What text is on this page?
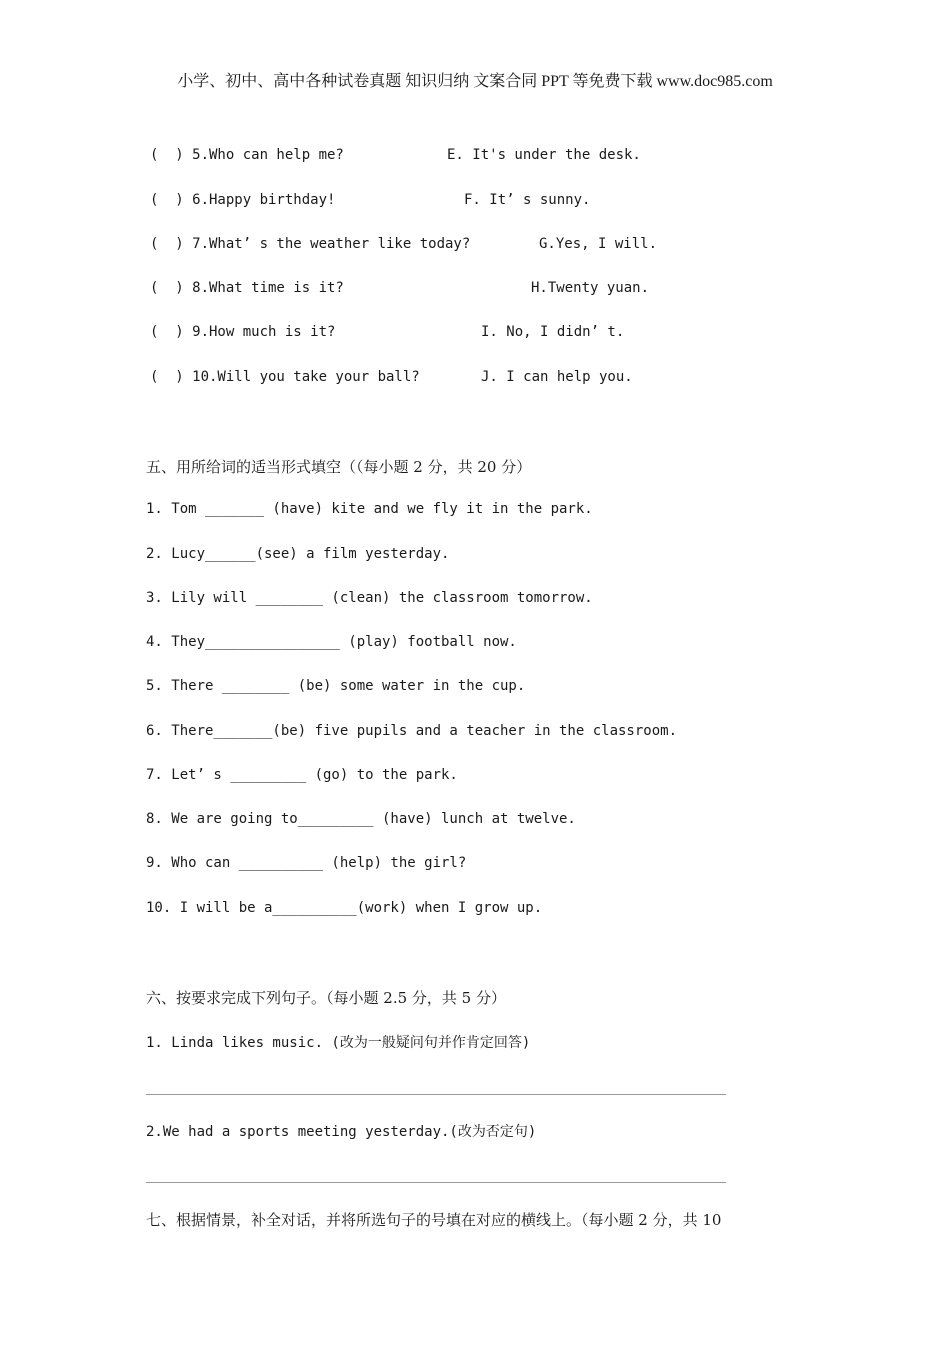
小学、初中、高中各种试卷真题 知识归纳 文案合同 PPT 等免费下载 www.doc985.com
(  ) 5.Who can help me?	E. It's under the desk.
(  ) 6.Happy birthday!	F. It’ s sunny.
(  ) 7.What’ s the weather like today?	G.Yes, I will.
(  ) 8.What time is it?	H.Twenty yuan.
(  ) 9.How much is it?	I. No, I didn’ t.
(  ) 10.Will you take your ball?	J. I can help you.
五、用所给词的适当形式填空（（每小题 2 分，共 20 分）
1. Tom _______ (have) kite and we fly it in the park.
2. Lucy______(see) a film yesterday.
3. Lily will ________ (clean) the classroom tomorrow.
4. They________________ (play) football now.
5. There ________ (be) some water in the cup.
6. There_______(be) five pupils and a teacher in the classroom.
7. Let’ s _________ (go) to the park.
8. We are going to_________ (have) lunch at twelve.
9. Who can __________ (help) the girl?
10. I will be a__________(work) when I grow up.
六、按要求完成下列句子。（每小题 2.5 分，共 5 分）
1. Linda likes music. (改为一般疑问句并作肯定回答)
2.We had a sports meeting yesterday.(改为否定句)
七、根据情景，补全对话，并将所选句子的号填在对应的横线上。（每小题 2 分，共 10
